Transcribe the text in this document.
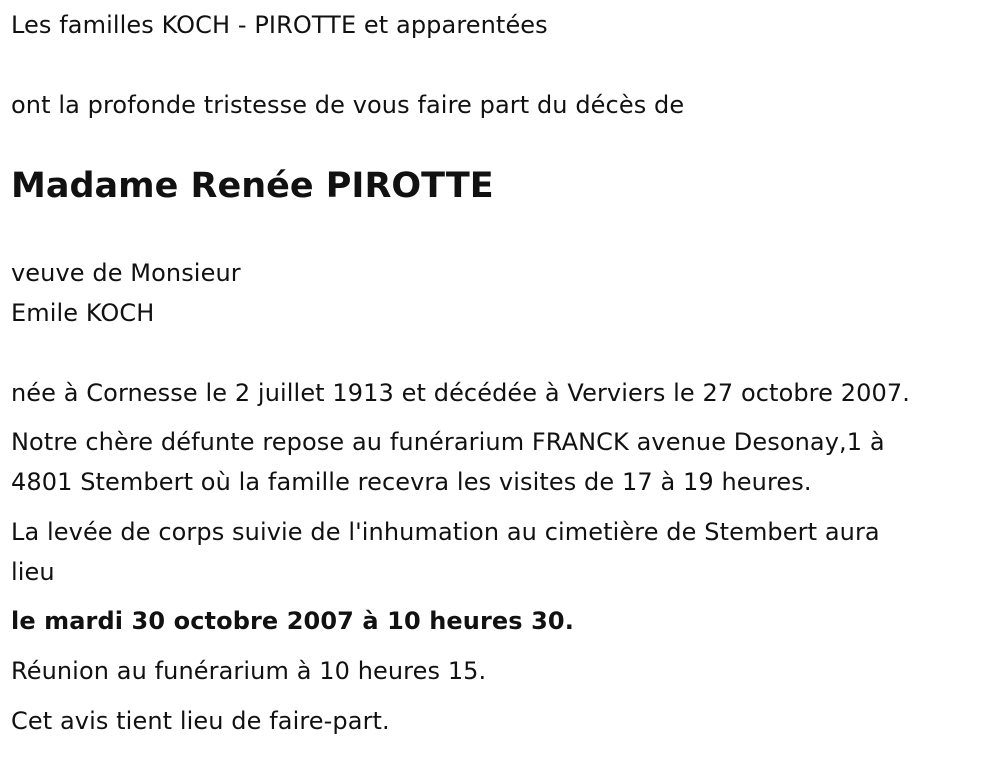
Les familles KOCH - PIROTTE et apparentées
ont la profonde tristesse de vous faire part du décès de
Madame Renée PIROTTE
veuve de Monsieur
Emile KOCH
née à Cornesse le 2 juillet 1913 et décédée à Verviers le 27 octobre 2007.
Notre chère défunte repose au funérarium FRANCK avenue Desonay,1 à
4801 Stembert où la famille recevra les visites de 17 à 19 heures.
La levée de corps suivie de l'inhumation au cimetière de Stembert aura
lieu
le mardi 30 octobre 2007 à 10 heures 30.
Réunion au funérarium à 10 heures 15.
Cet avis tient lieu de faire-part.
